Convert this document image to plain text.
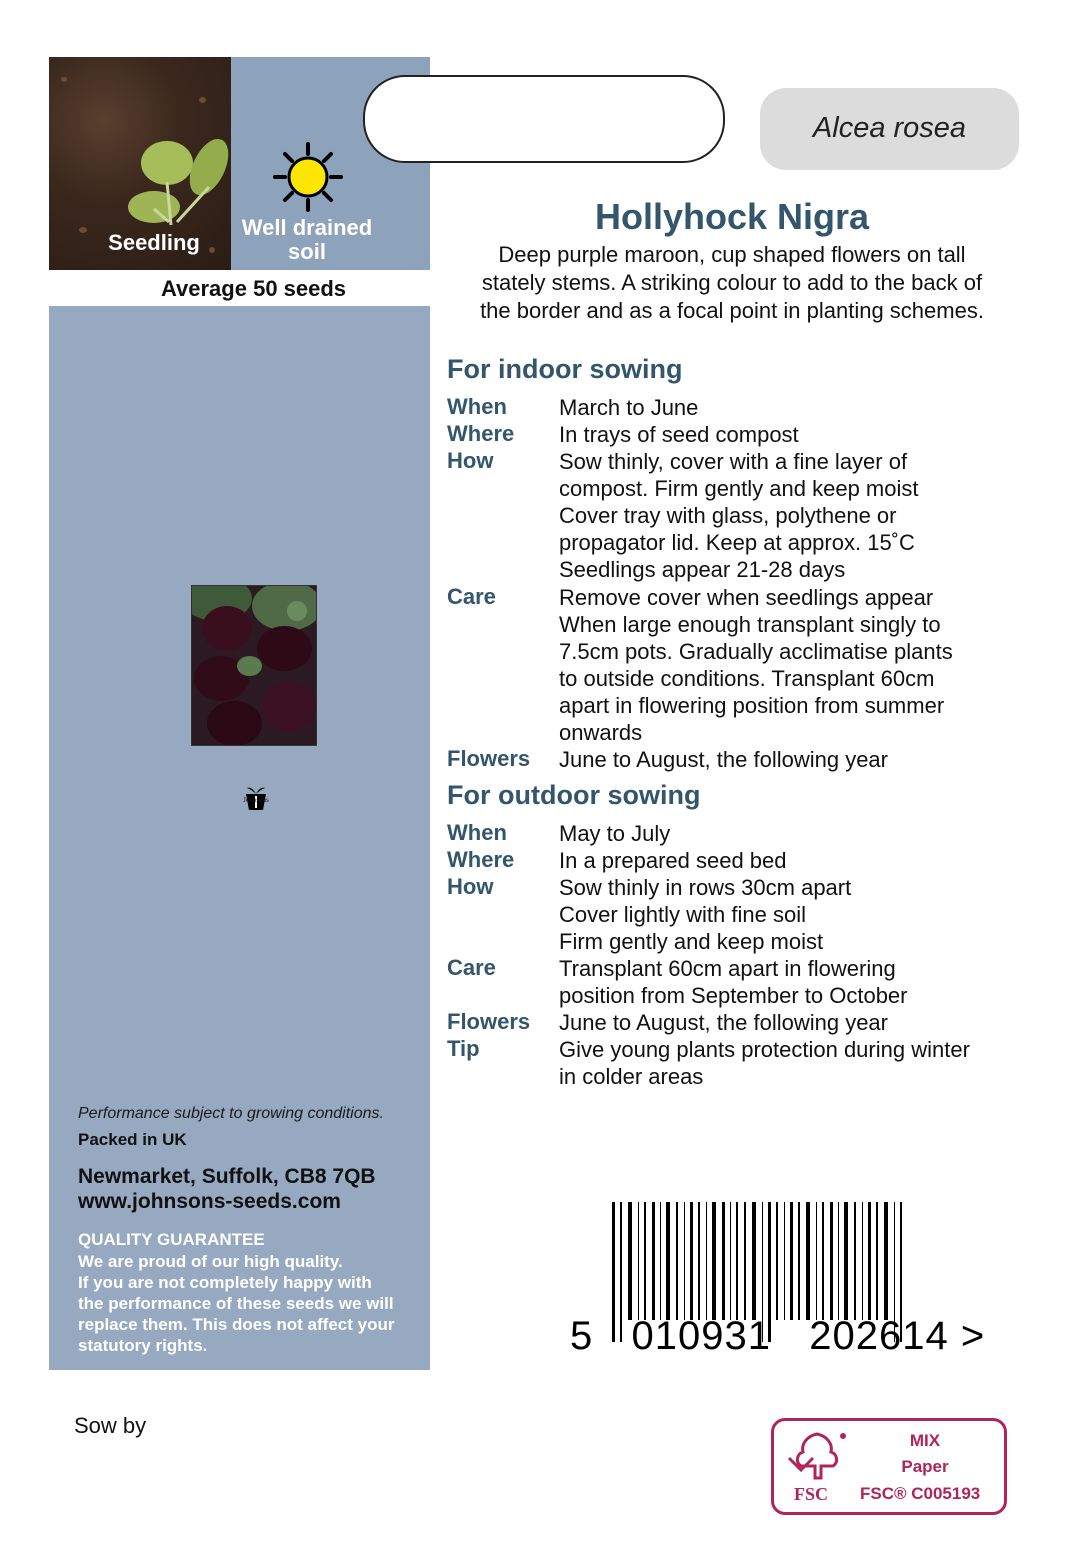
Seedling
Well drained
soil
Average 50 seeds
Johnsons
Performance subject to growing conditions.
Packed in UK
Newmarket, Suffolk, CB8 7QB
www.johnsons-seeds.com
QUALITY GUARANTEE
We are proud of our high quality.
If you are not completely happy with
the performance of these seeds we will
replace them. This does not affect your
statutory rights.
Alcea rosea
Hollyhock Nigra
Deep purple maroon, cup shaped flowers on tall
stately stems. A striking colour to add to the back of
the border and as a focal point in planting schemes.
For indoor sowing
When March to June
Where In trays of seed compost
How	Sow thinly, cover with a fine layer of
compost. Firm gently and keep moist
Cover tray with glass, polythene or
propagator lid. Keep at approx. 15˚C
Seedlings appear 21-28 days
Care	Remove cover when seedlings appear
When large enough transplant singly to
7.5cm pots. Gradually acclimatise plants
to outside conditions. Transplant 60cm
apart in flowering position from summer
onwards
Flowers June to August, the following year
For outdoor sowing
When May to July
Where In a prepared seed bed
How	Sow thinly in rows 30cm apart
Cover lightly with fine soil
Firm gently and keep moist
Care	Transplant 60cm apart in flowering
position from September to October
Flowers June to August, the following year
Tip	Give young plants protection during winter
in colder areas
5 010931 202614 >
Sow by
FSC
MIX
Paper
FSC® C005193
